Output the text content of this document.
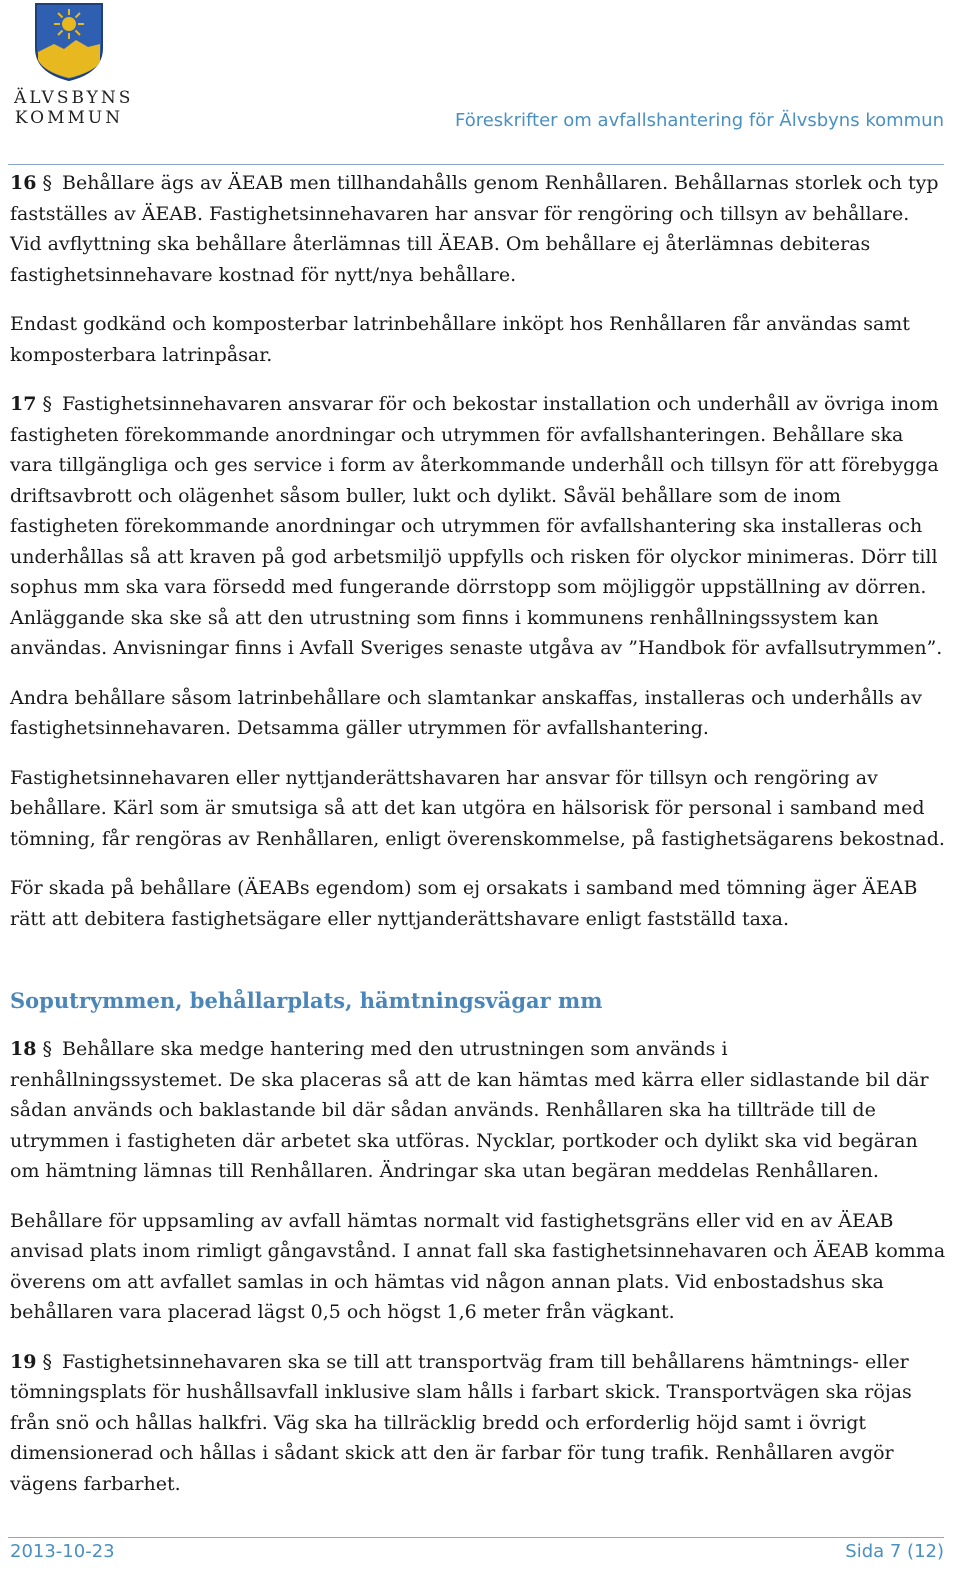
ÄLVSBYNS
KOMMUN	Föreskrifter om avfallshantering för Älvsbyns kommun

16 § Behållare ägs av ÄEAB men tillhandahålls genom Renhållaren. Behållarnas storlek och typ fastställes av ÄEAB. Fastighetsinnehavaren har ansvar för rengöring och tillsyn av behållare. Vid avflyttning ska behållare återlämnas till ÄEAB. Om behållare ej återlämnas debiteras fastighetsinnehavare kostnad för nytt/nya behållare.

Endast godkänd och komposterbar latrinbehållare inköpt hos Renhållaren får användas samt komposterbara latrinpåsar.

17 § Fastighetsinnehavaren ansvarar för och bekostar installation och underhåll av övriga inom fastigheten förekommande anordningar och utrymmen för avfallshanteringen. Behållare ska vara tillgängliga och ges service i form av återkommande underhåll och tillsyn för att förebygga driftsavbrott och olägenhet såsom buller, lukt och dylikt. Såväl behållare som de inom fastigheten förekommande anordningar och utrymmen för avfallshantering ska installeras och underhållas så att kraven på god arbetsmiljö uppfylls och risken för olyckor minimeras. Dörr till sophus mm ska vara försedd med fungerande dörrstopp som möjliggör uppställning av dörren. Anläggande ska ske så att den utrustning som finns i kommunens renhållningssystem kan användas. Anvisningar finns i Avfall Sveriges senaste utgåva av ”Handbok för avfallsutrymmen”.

Andra behållare såsom latrinbehållare och slamtankar anskaffas, installeras och underhålls av fastighetsinnehavaren. Detsamma gäller utrymmen för avfallshantering.

Fastighetsinnehavaren eller nyttjanderättshavaren har ansvar för tillsyn och rengöring av behållare. Kärl som är smutsiga så att det kan utgöra en hälsorisk för personal i samband med tömning, får rengöras av Renhållaren, enligt överenskommelse, på fastighetsägarens bekostnad.

För skada på behållare (ÄEABs egendom) som ej orsakats i samband med tömning äger ÄEAB rätt att debitera fastighetsägare eller nyttjanderättshavare enligt fastställd taxa.

Soputrymmen, behållarplats, hämtningsvägar mm

18 § Behållare ska medge hantering med den utrustningen som används i renhållningssystemet. De ska placeras så att de kan hämtas med kärra eller sidlastande bil där sådan används och baklastande bil där sådan används. Renhållaren ska ha tillträde till de utrymmen i fastigheten där arbetet ska utföras. Nycklar, portkoder och dylikt ska vid begäran om hämtning lämnas till Renhållaren. Ändringar ska utan begäran meddelas Renhållaren.

Behållare för uppsamling av avfall hämtas normalt vid fastighetsgräns eller vid en av ÄEAB anvisad plats inom rimligt gångavstånd. I annat fall ska fastighetsinnehavaren och ÄEAB komma överens om att avfallet samlas in och hämtas vid någon annan plats. Vid enbostadshus ska behållaren vara placerad lägst 0,5 och högst 1,6 meter från vägkant.

19 § Fastighetsinnehavaren ska se till att transportväg fram till behållarens hämtnings- eller tömningsplats för hushållsavfall inklusive slam hålls i farbart skick. Transportvägen ska röjas från snö och hållas halkfri. Väg ska ha tillräcklig bredd och erforderlig höjd samt i övrigt dimensionerad och hållas i sådant skick att den är farbar för tung trafik. Renhållaren avgör vägens farbarhet.

2013-10-23	Sida 7 (12)
